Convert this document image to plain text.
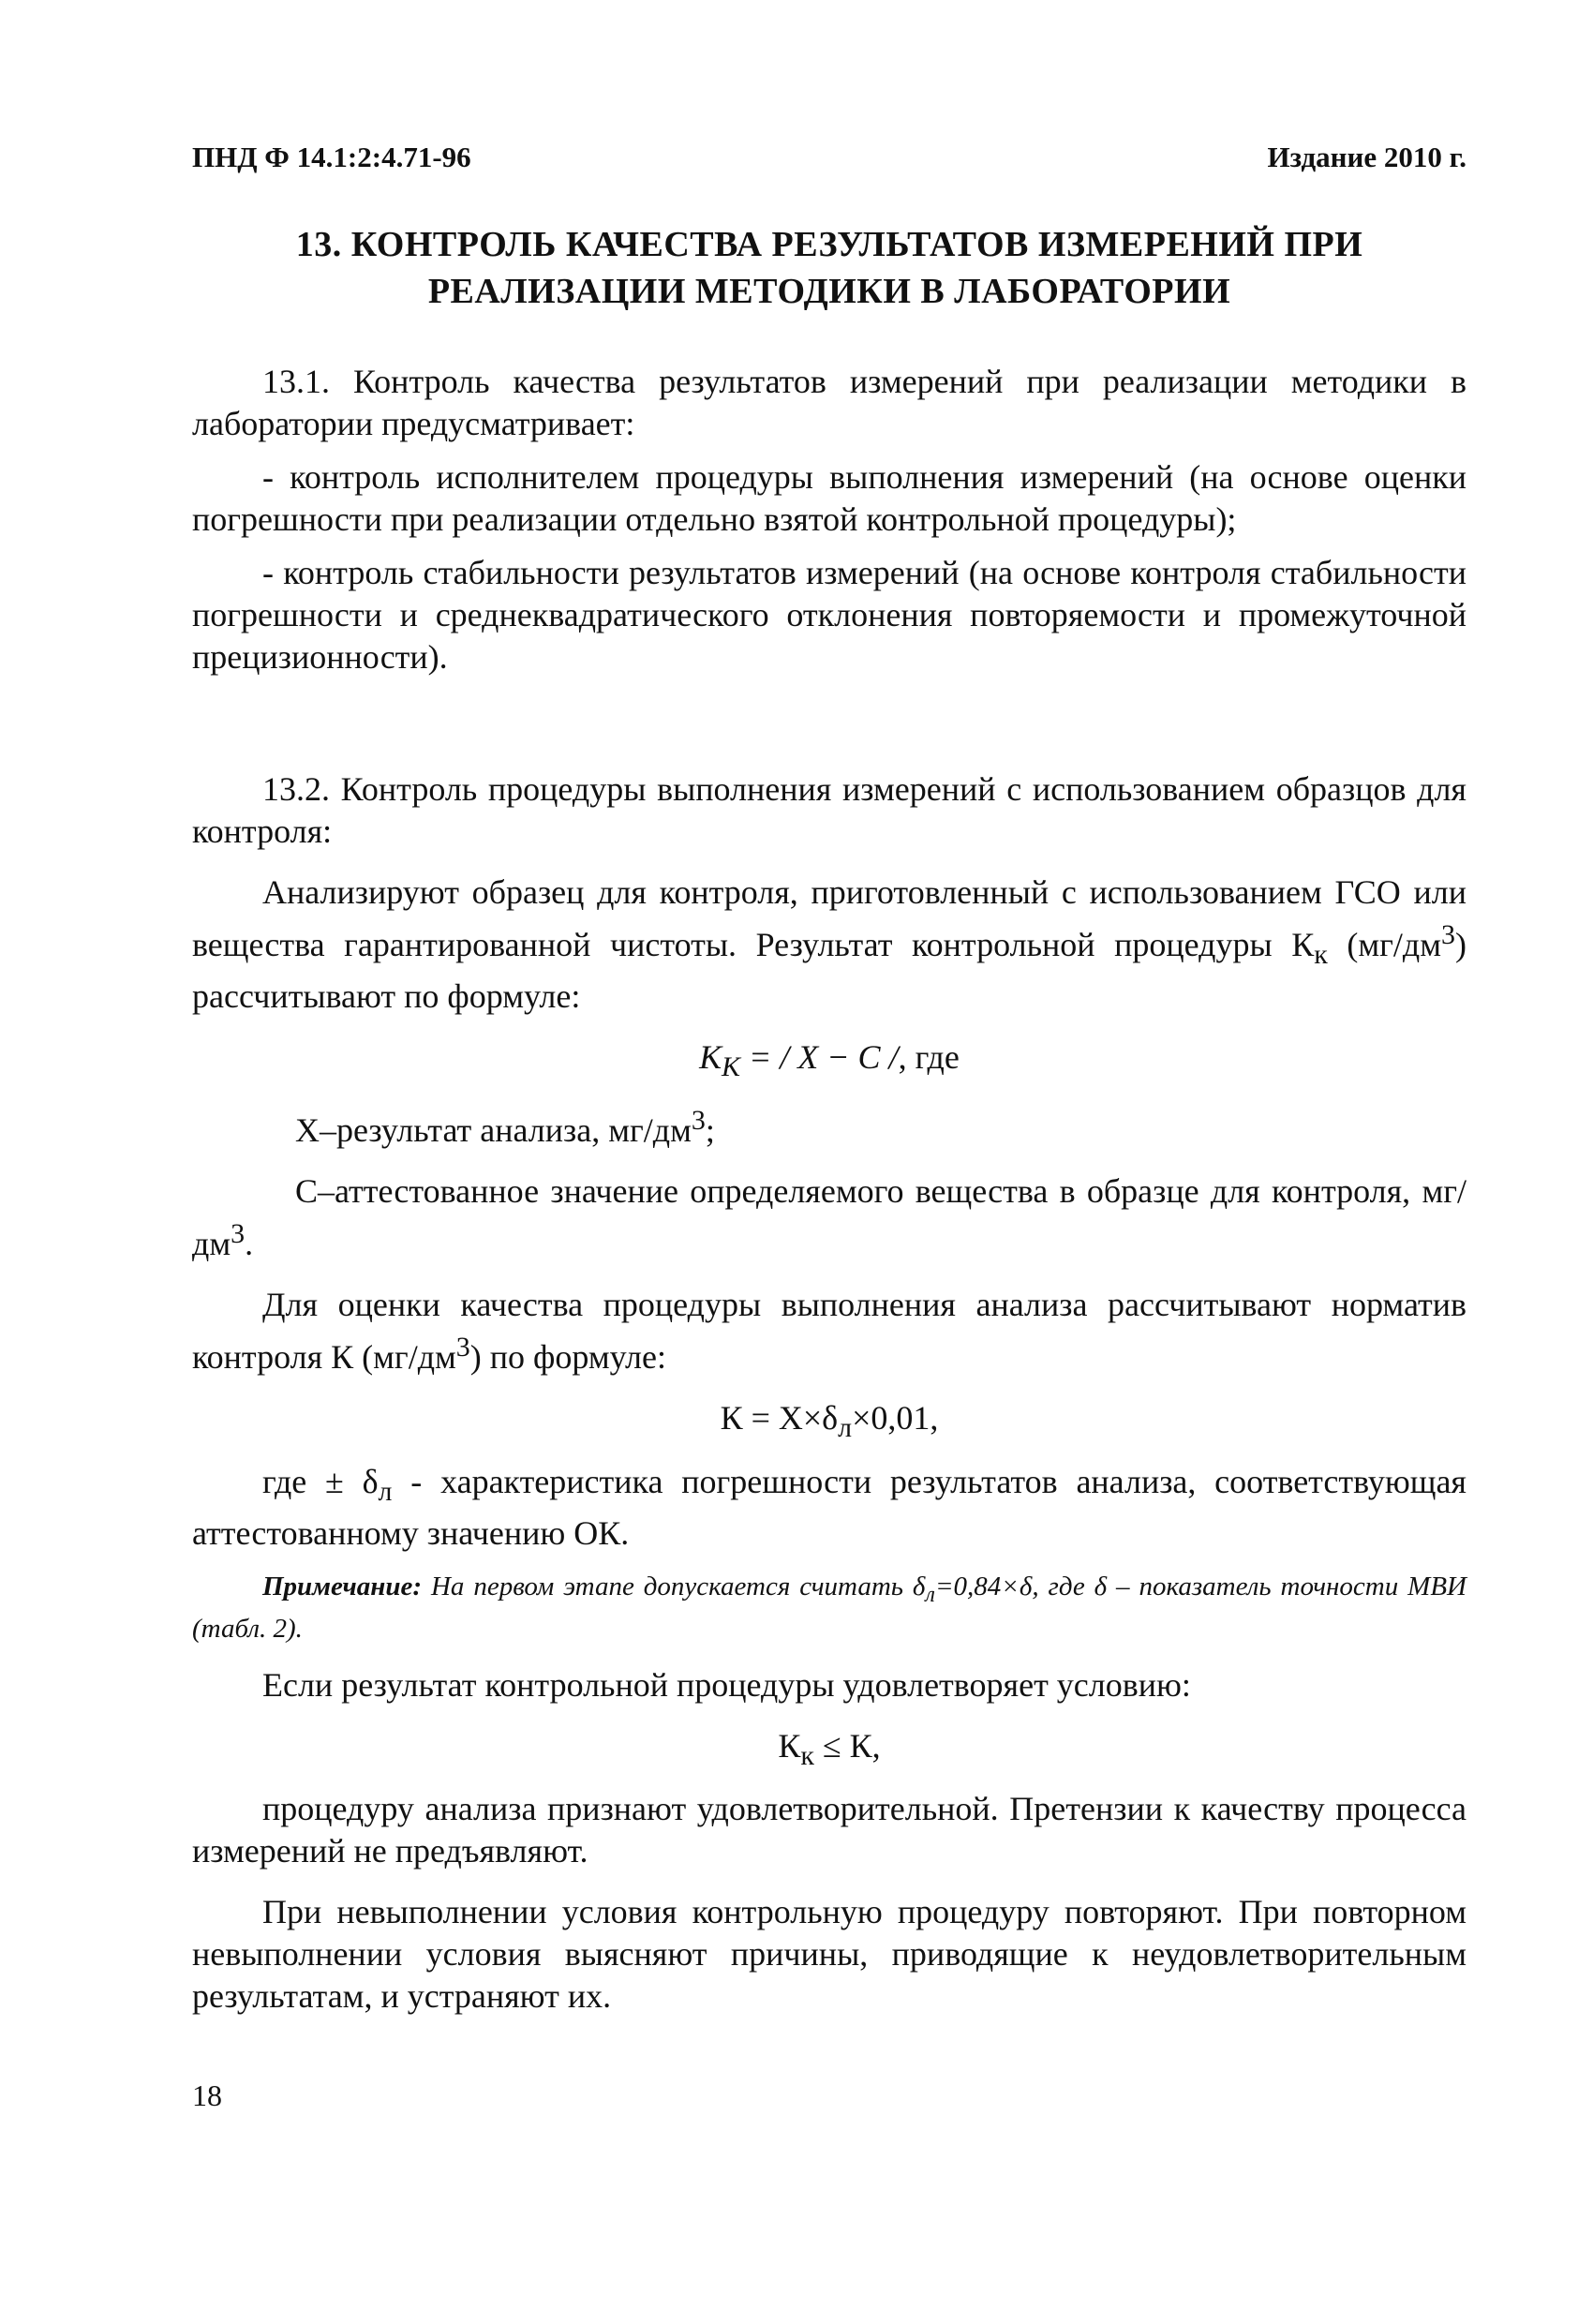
ПНД Ф 14.1:2:4.71-96	Издание 2010 г.
13. КОНТРОЛЬ КАЧЕСТВА РЕЗУЛЬТАТОВ ИЗМЕРЕНИЙ ПРИ
РЕАЛИЗАЦИИ МЕТОДИКИ В ЛАБОРАТОРИИ

13.1. Контроль качества результатов измерений при реализации методики в лаборатории предусматривает:

- контроль исполнителем процедуры выполнения измерений (на основе оценки погрешности при реализации отдельно взятой контрольной процедуры);

- контроль стабильности результатов измерений (на основе контроля стабильности погрешности и среднеквадратического отклонения повторяемости и промежуточной прецизионности).

13.2. Контроль процедуры выполнения измерений с использованием образцов для контроля:

Анализируют образец для контроля, приготовленный с использованием ГСО или вещества гарантированной чистоты. Результат контрольной процедуры $К_к$ $(мг/дм^3)$ рассчитывают по формуле:

$К_К$ = / X − C /, где

X–результат анализа, $мг/дм^3$;

С–аттестованное значение определяемого вещества в образце для контроля, $мг/дм^3$.

Для оценки качества процедуры выполнения анализа рассчитывают норматив контроля К $(мг/дм^3)$ по формуле:

$К = X\times\delta_л\times 0,01$,

где ± $\delta_л$ - характеристика погрешности результатов анализа, соответствующая аттестованному значению ОК.

Примечание: На первом этапе допускается считать $\delta_л=0,84\times\delta$, где δ – показатель точности МВИ (табл. 2).

Если результат контрольной процедуры удовлетворяет условию:

$К_к \le К$,

процедуру анализа признают удовлетворительной. Претензии к качеству процесса измерений не предъявляют.

При невыполнении условия контрольную процедуру повторяют. При повторном невыполнении условия выясняют причины, приводящие к неудовлетворительным результатам, и устраняют их.

18
